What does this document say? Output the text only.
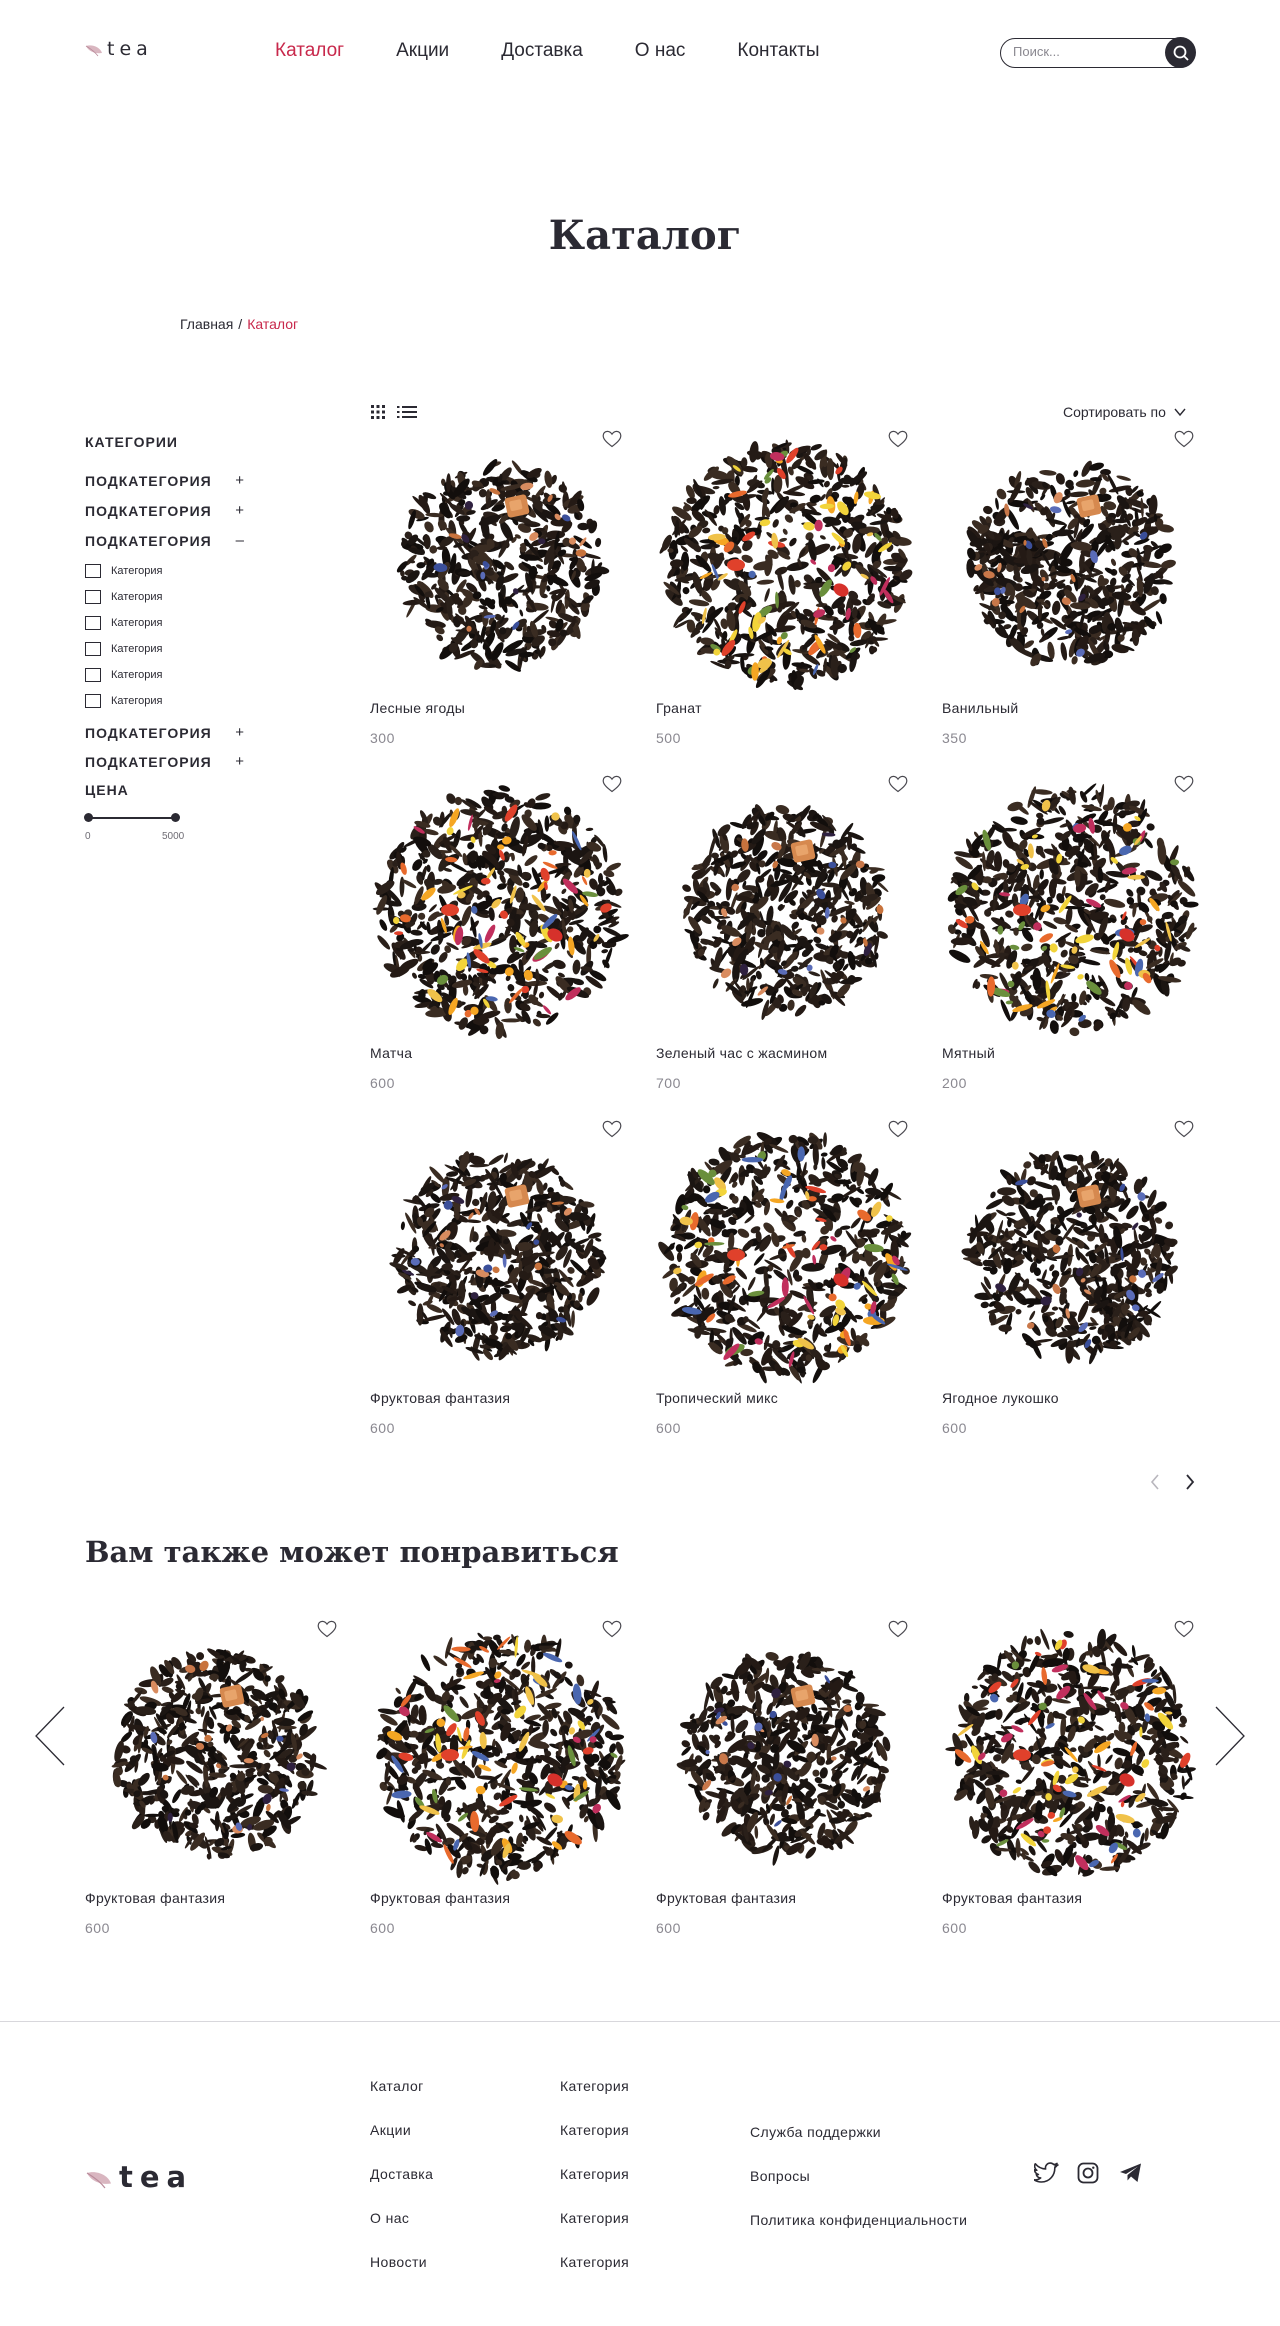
tea	Каталог	Акции	Доставка	О нас	Контакты
Поиск...
Каталог
Главная / Каталог
КАТЕГОРИИ
ПОДКАТЕГОРИЯ +
ПОДКАТЕГОРИЯ +
ПОДКАТЕГОРИЯ –
Категория
Категория
Категория
Категория
Категория
Категория
ПОДКАТЕГОРИЯ +
ПОДКАТЕГОРИЯ +
ЦЕНА
0	5000
Сортировать по
Лесные ягоды
300
Гранат
500
Ванильный
350
Матча
600
Зеленый час с жасмином
700
Мятный
200
Фруктовая фантазия
600
Тропический микс
600
Ягодное лукошко
600
Вам также может понравиться
Фруктовая фантазия
600
Фруктовая фантазия
600
Фруктовая фантазия
600
Фруктовая фантазия
600
tea
Каталог
Акции
Доставка
О нас
Новости
Категория
Категория
Категория
Категория
Категория
Служба поддержки
Вопросы
Политика конфиденциальности
